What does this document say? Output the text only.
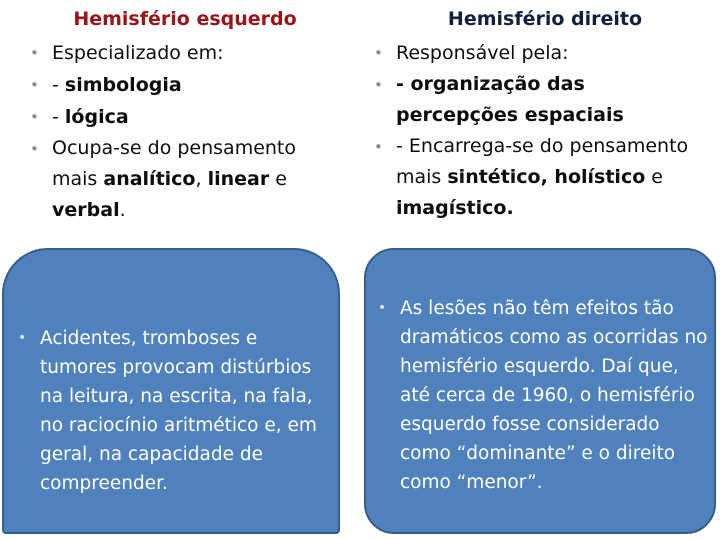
Hemisfério esquerdo	Hemisfério direito
• Especializado em:
• - simbologia
• - lógica
• Ocupa-se do pensamento mais analítico, linear e verbal.
• Responsável pela:
• - organização das percepções espaciais
• - Encarrega-se do pensamento mais sintético, holístico e imagístico.
• Acidentes, tromboses e tumores provocam distúrbios na leitura, na escrita, na fala, no raciocínio aritmético e, em geral, na capacidade de compreender.
• As lesões não têm efeitos tão dramáticos como as ocorridas no hemisfério esquerdo. Daí que, até cerca de 1960, o hemisfério esquerdo fosse considerado como “dominante” e o direito como “menor”.
